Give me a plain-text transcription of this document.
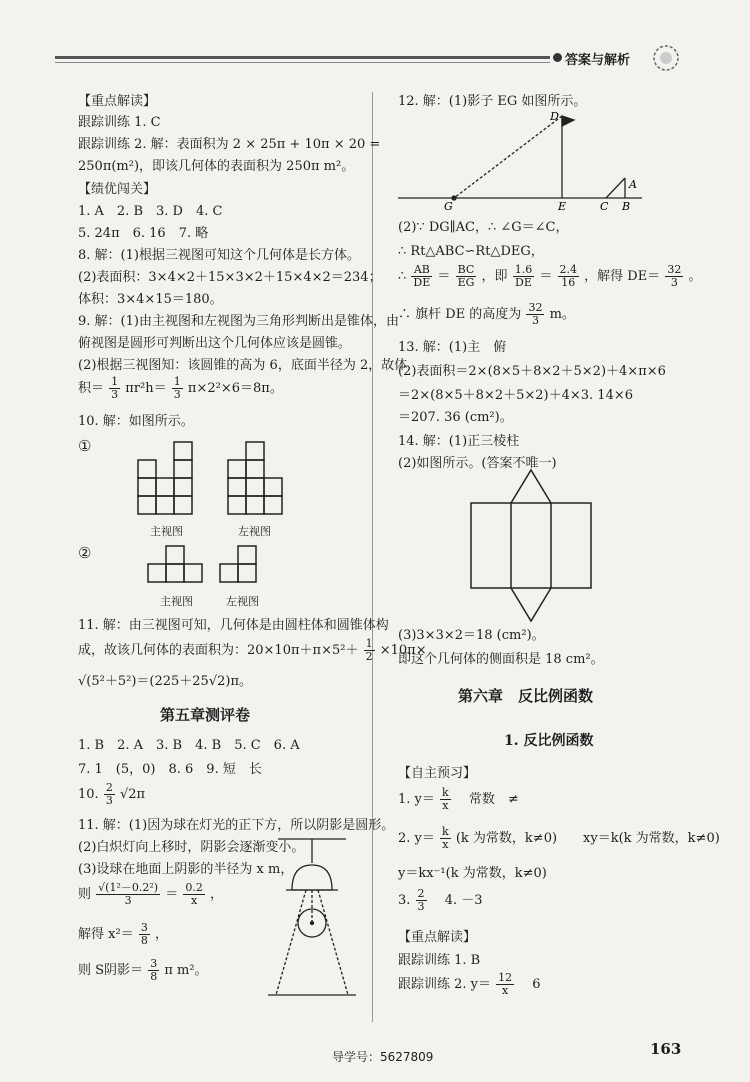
答案与解析
【重点解读】
跟踪训练 1. C
跟踪训练 2. 解：表面积为 2 × 25π + 10π × 20 =
250π(m²)，即该几何体的表面积为 250π m²。
【绩优闯关】
1. A　2. B　3. D　4. C
5. 24π　6. 16　7. 略
8. 解：(1)根据三视图可知这个几何体是长方体。
(2)表面积：3×4×2＋15×3×2＋15×4×2＝234；
体积：3×4×15＝180。
9. 解：(1)由主视图和左视图为三角形判断出是锥体，由
俯视图是圆形可判断出这个几何体应该是圆锥。
(2)根据三视图知：该圆锥的高为 6，底面半径为 2，故体
积＝ $\frac{1}{3} \pi r^2h= \frac{1}{3} \pi\times 2^2\times 6=8\pi$。
10. 解：如图所示。
①
主视图	左视图
②
主视图	左视图
11. 解：由三视图可知，几何体是由圆柱体和圆锥体构
成，故该几何体的表面积为：$20\times 10\pi+\pi\times 5^2+ \frac{1}{2} \times 10\pi\times$
√(5²＋5²)＝(225＋25√2)π。
第五章测评卷
1. B　2. A　3. B　4. B　5. C　6. A
7. 1　(5，0)　8. 6　9. 短　长
10. $\frac{2}{3} √2\pi$
11. 解：(1)因为球在灯光的正下方，所以阴影是圆形。
(2)白炽灯向上移时，阴影会逐渐变小。
(3)设球在地面上阴影的半径为 x m，
则 $\frac{\text{√(1²－0.2²)}}{3} = \frac{0.2}{x}$ ，
解得 $x^2= \frac{3}{8}$ ，
则 S阴影＝ $\frac{3}{8}$ π m²。
12. 解：(1)影子 EG 如图所示。
D
G	E	C B
A
(2)∵ DG∥AC，∴ ∠G＝∠C，
∴ Rt△ABC∽Rt△DEG，
∴ $\frac{AB}{DE} = \frac{BC}{EG}$ ，即 $\frac{1.6}{DE} = \frac{2.4}{16}$ ，解得 $DE= \frac{32}{3}$ 。
∴ 旗杆 DE 的高度为 $\frac{32}{3}$ m。
13. 解：(1)主　俯
(2)表面积＝2×(8×5＋8×2＋5×2)＋4×π×6
＝2×(8×5＋8×2＋5×2)＋4×3. 14×6
＝207. 36 (cm²)。
14. 解：(1)正三棱柱
(2)如图所示。(答案不唯一)
(3)3×3×2＝18 (cm²)。
即这个几何体的侧面积是 18 cm²。
第六章　反比例函数
1. 反比例函数
【自主预习】
1. $y= \frac{k}{x}$ 　常数　≠
2. $y= \frac{k}{x} (k$ 为常数，k≠0)　　xy＝k(k 为常数，k≠0)
y＝kx⁻¹(k 为常数，k≠0)
3. $\frac{2}{3}$ 　4. －3
【重点解读】
跟踪训练 1. B
跟踪训练 2. $y= \frac{12}{x}$ 　6
导学号：5627809	163
